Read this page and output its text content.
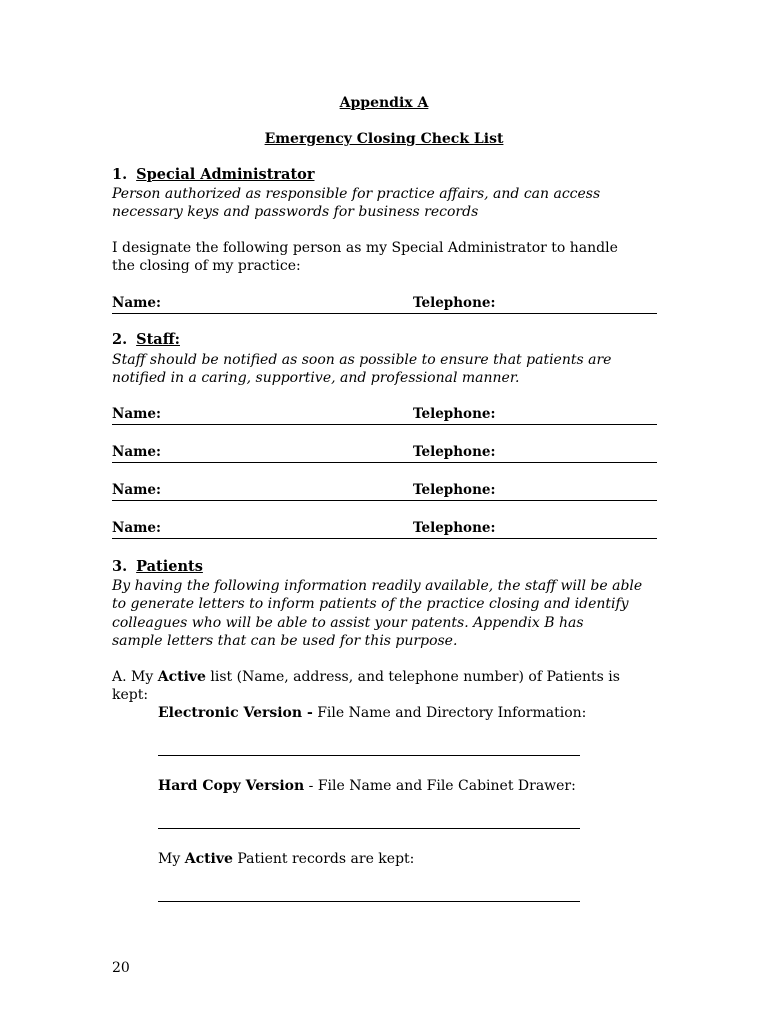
Appendix A
Emergency Closing Check List
1. Special Administrator
Person authorized as responsible for practice affairs, and can access
necessary keys and passwords for business records
I designate the following person as my Special Administrator to handle
the closing of my practice:
Name:	Telephone:
2. Staff:
Staff should be notified as soon as possible to ensure that patients are
notified in a caring, supportive, and professional manner.
Name:	Telephone:
Name:	Telephone:
Name:	Telephone:
Name:	Telephone:
3. Patients
By having the following information readily available, the staff will be able
to generate letters to inform patients of the practice closing and identify
colleagues who will be able to assist your patents. Appendix B has
sample letters that can be used for this purpose.
A. My Active list (Name, address, and telephone number) of Patients is
kept:
Electronic Version - File Name and Directory Information:
Hard Copy Version - File Name and File Cabinet Drawer:
My Active Patient records are kept:
20
